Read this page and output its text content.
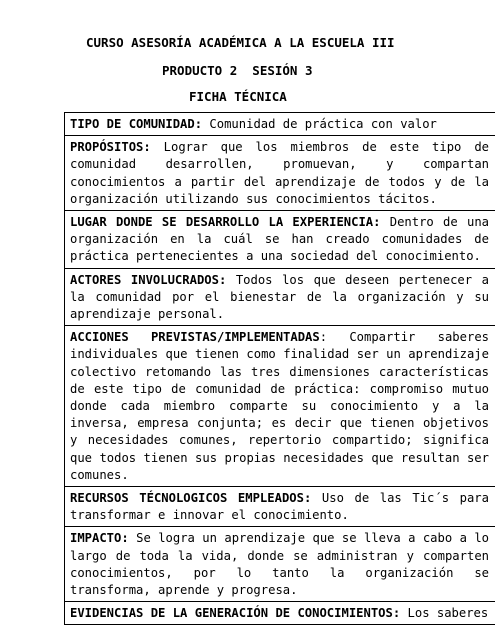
CURSO ASESORÍA ACADÉMICA A LA ESCUELA III
PRODUCTO 2  SESIÓN 3
FICHA TÉCNICA
TIPO DE COMUNIDAD: Comunidad de práctica con valor
PROPÓSITOS: Lograr que los miembros de este tipo de comunidad desarrollen, promuevan, y compartan conocimientos a partir del aprendizaje de todos y de la organización utilizando sus conocimientos tácitos.
LUGAR DONDE SE DESARROLLO LA EXPERIENCIA: Dentro de una organización en la cuál se han creado comunidades de práctica pertenecientes a una sociedad del conocimiento.
ACTORES INVOLUCRADOS: Todos los que deseen pertenecer a la comunidad por el bienestar de la organización y su aprendizaje personal.
ACCIONES PREVISTAS/IMPLEMENTADAS: Compartir saberes individuales que tienen como finalidad ser un aprendizaje colectivo retomando las tres dimensiones características de este tipo de comunidad de práctica: compromiso mutuo donde cada miembro comparte su conocimiento y a la inversa, empresa conjunta; es decir que tienen objetivos y necesidades comunes, repertorio compartido; significa que todos tienen sus propias necesidades que resultan ser comunes.
RECURSOS TÉCNOLOGICOS EMPLEADOS: Uso de las Tic´s para transformar e innovar el conocimiento.
IMPACTO: Se logra un aprendizaje que se lleva a cabo a lo largo de toda la vida, donde se administran y comparten conocimientos, por lo tanto la organización se transforma, aprende y progresa.
EVIDENCIAS DE LA GENERACIÓN DE CONOCIMIENTOS: Los saberes
